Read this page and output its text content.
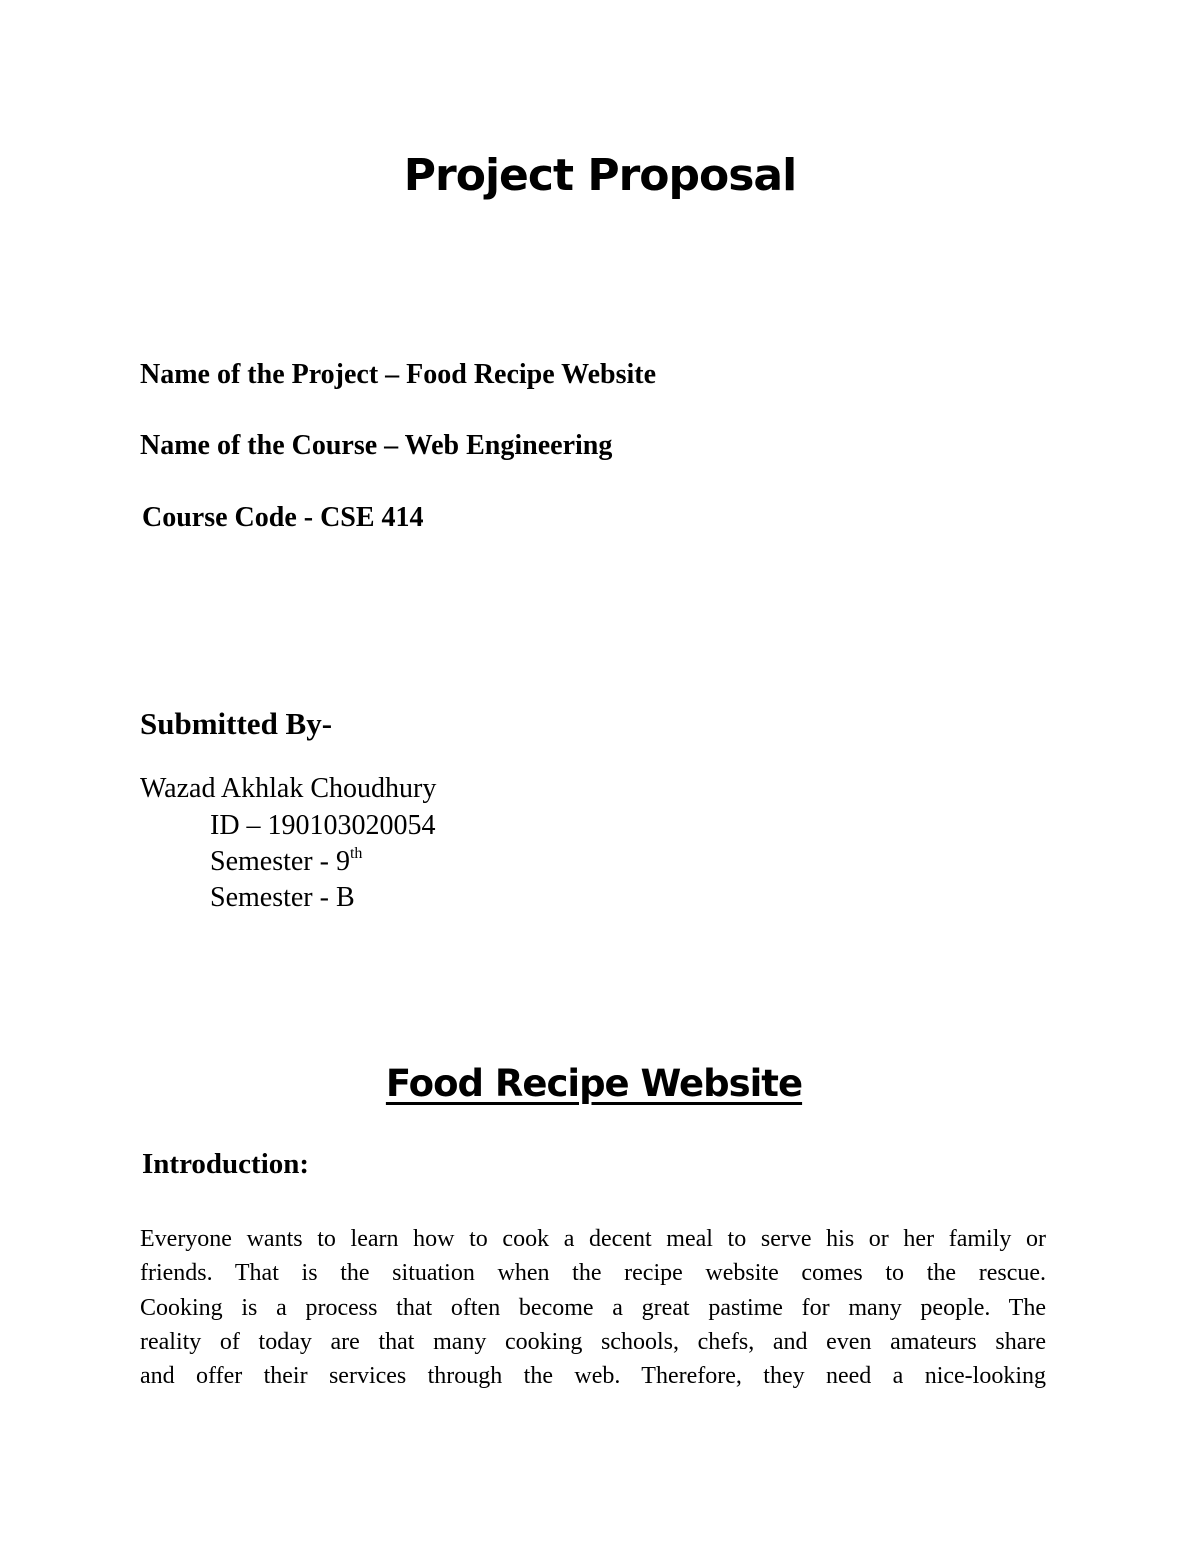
Project Proposal
Name of the Project – Food Recipe Website
Name of the Course – Web Engineering
Course Code - CSE 414
Submitted By-
Wazad Akhlak Choudhury
ID – 190103020054
Semester - 9th
Semester - B
Food Recipe Website
Introduction:
Everyone wants to learn how to cook a decent meal to serve his or her family or
friends. That is the situation when the recipe website comes to the rescue.
Cooking is a process that often become a great pastime for many people. The
reality of today are that many cooking schools, chefs, and even amateurs share
and offer their services through the web. Therefore, they need a nice-looking
